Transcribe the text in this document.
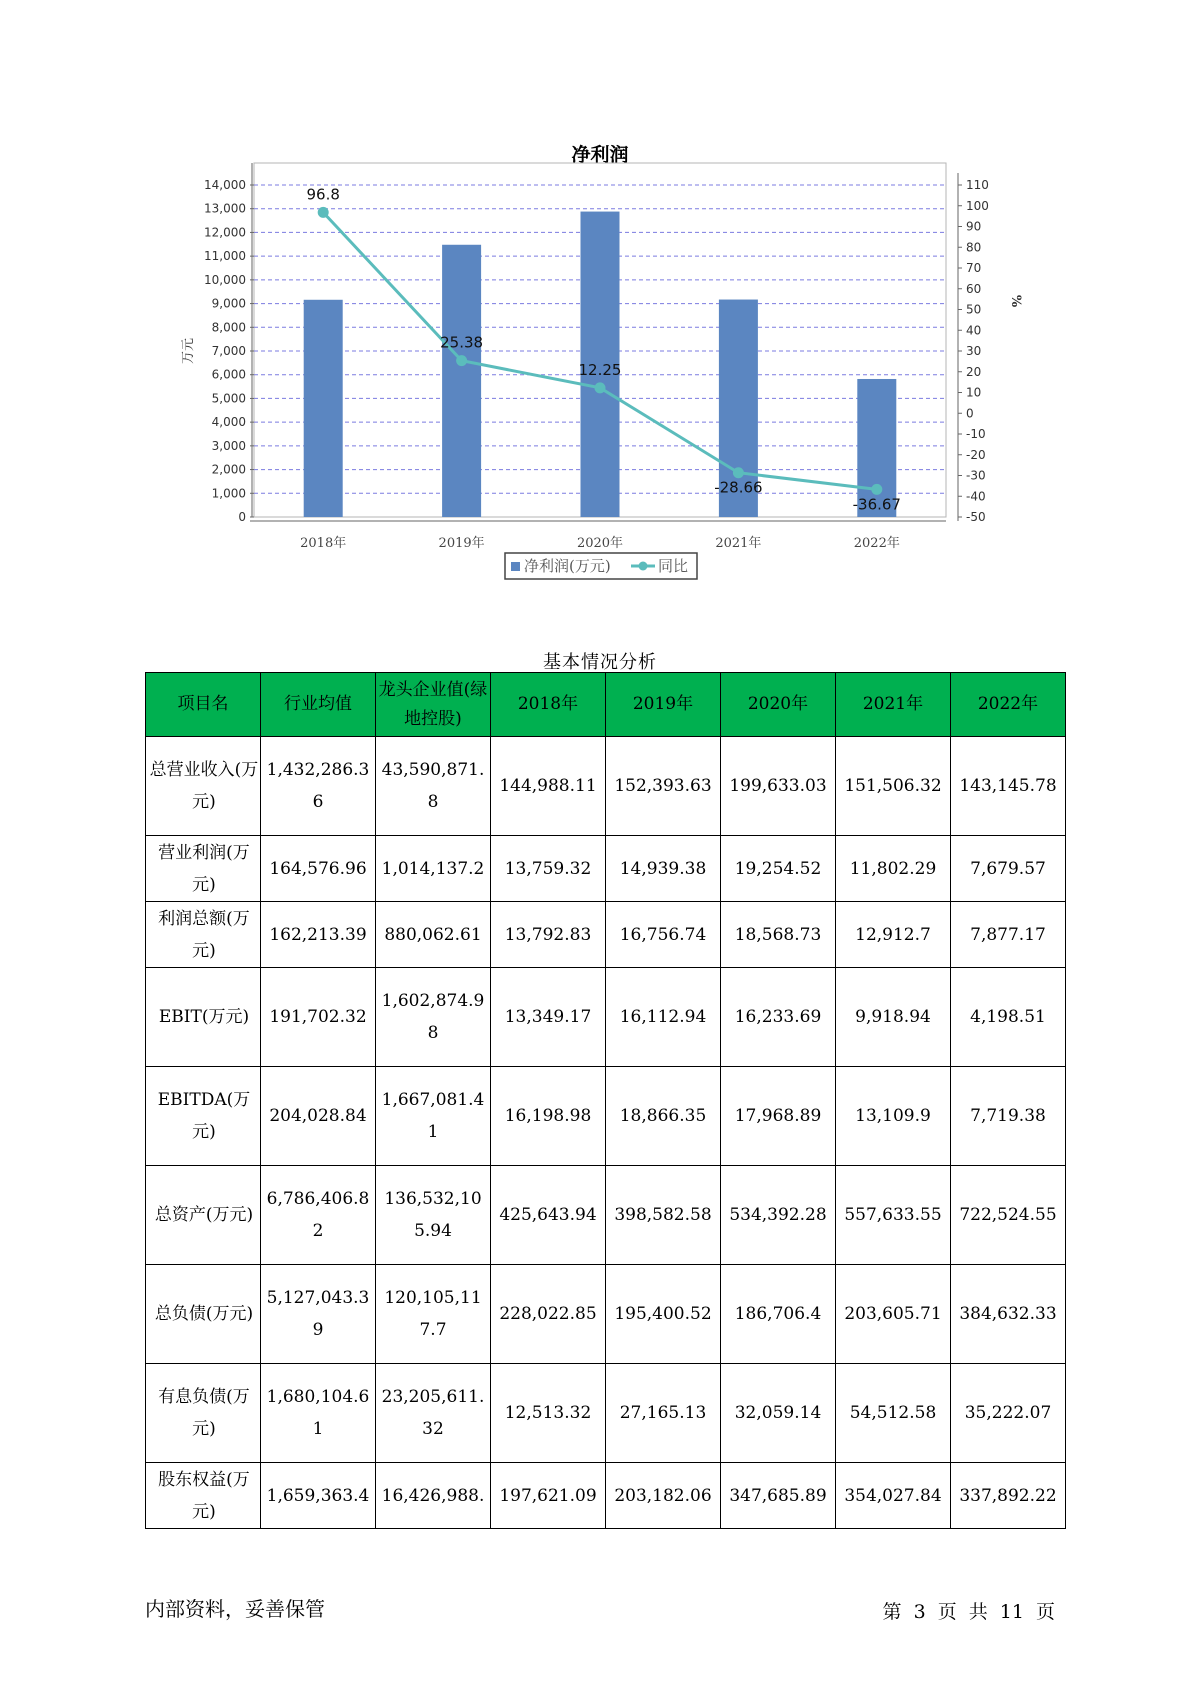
净利润
96.8
25.38
12.25
-28.66
-36.67
0
1,000
2,000
3,000
4,000
5,000
6,000
7,000
8,000
9,000
10,000
11,000
12,000
13,000
14,000
-50
-40
-30
-20
-10
0
10
20
30
40
50
60
70
80
90
100
110
万元
%
2018年	2019年	2020年	2021年	2022年
净利润(万元)	同比
基本情况分析
项目名	行业均值	龙头企业值(绿地控股)	2018年	2019年	2020年	2021年	2022年
总营业收入(万元)	1,432,286.36	43,590,871.8	144,988.11	152,393.63	199,633.03	151,506.32	143,145.78
营业利润(万元)	164,576.96	1,014,137.2	13,759.32	14,939.38	19,254.52	11,802.29	7,679.57
利润总额(万元)	162,213.39	880,062.61	13,792.83	16,756.74	18,568.73	12,912.7	7,877.17
EBIT(万元)	191,702.32	1,602,874.98	13,349.17	16,112.94	16,233.69	9,918.94	4,198.51
EBITDA(万元)	204,028.84	1,667,081.41	16,198.98	18,866.35	17,968.89	13,109.9	7,719.38
总资产(万元)	6,786,406.82	136,532,105.94	425,643.94	398,582.58	534,392.28	557,633.55	722,524.55
总负债(万元)	5,127,043.39	120,105,117.7	228,022.85	195,400.52	186,706.4	203,605.71	384,632.33
有息负债(万元)	1,680,104.61	23,205,611.32	12,513.32	27,165.13	32,059.14	54,512.58	35,222.07
股东权益(万元)	1,659,363.4	16,426,988.	197,621.09	203,182.06	347,685.89	354,027.84	337,892.22
内部资料，妥善保管	第 3 页 共 11 页
